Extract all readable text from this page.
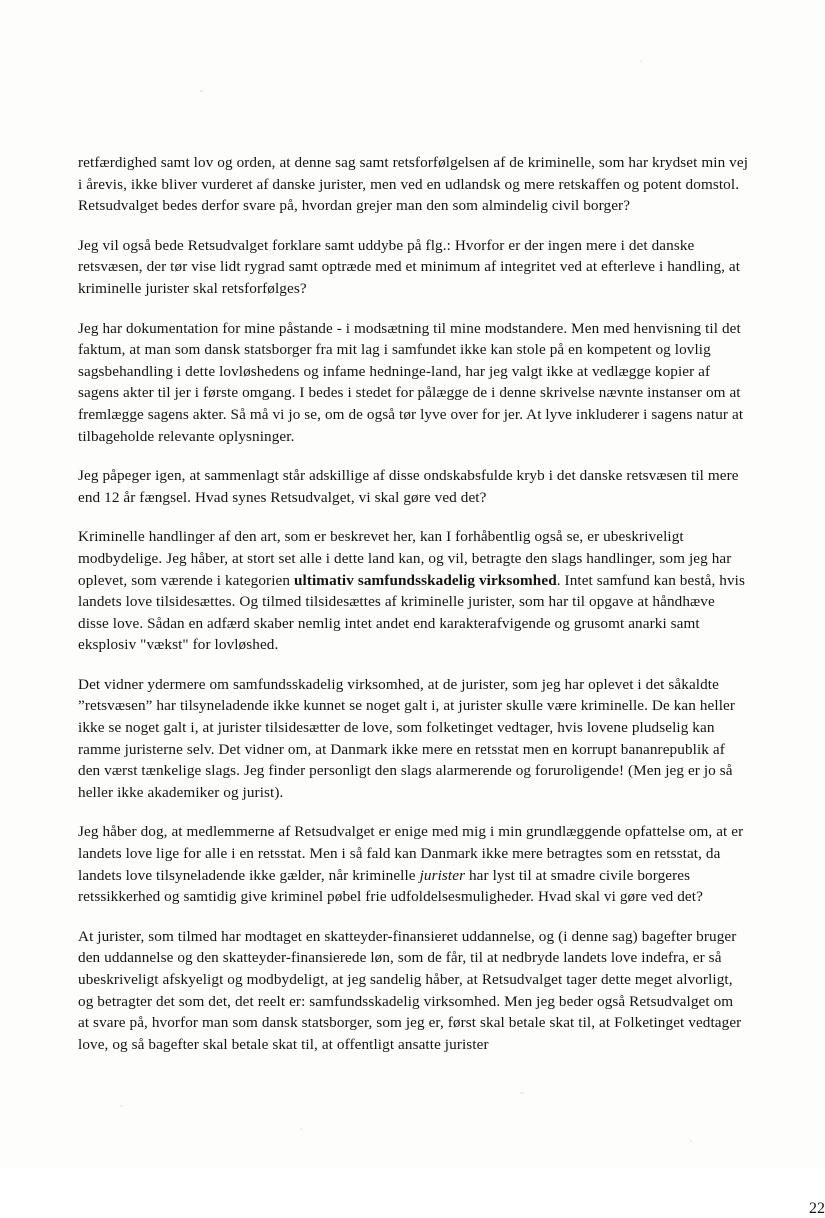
retfærdighed samt lov og orden, at denne sag samt retsforfølgelsen af de kriminelle, som har krydset min vej i årevis, ikke bliver vurderet af danske jurister, men ved en udlandsk og mere retskaffen og potent domstol. Retsudvalget bedes derfor svare på, hvordan grejer man den som almindelig civil borger?

Jeg vil også bede Retsudvalget forklare samt uddybe på flg.: Hvorfor er der ingen mere i det danske retsvæsen, der tør vise lidt rygrad samt optræde med et minimum af integritet ved at efterleve i handling, at kriminelle jurister skal retsforfølges?

Jeg har dokumentation for mine påstande - i modsætning til mine modstandere. Men med henvisning til det faktum, at man som dansk statsborger fra mit lag i samfundet ikke kan stole på en kompetent og lovlig sagsbehandling i dette lovløshedens og infame hedninge-land, har jeg valgt ikke at vedlægge kopier af sagens akter til jer i første omgang. I bedes i stedet for pålægge de i denne skrivelse nævnte instanser om at fremlægge sagens akter. Så må vi jo se, om de også tør lyve over for jer. At lyve inkluderer i sagens natur at tilbageholde relevante oplysninger.

Jeg påpeger igen, at sammenlagt står adskillige af disse ondskabsfulde kryb i det danske retsvæsen til mere end 12 år fængsel. Hvad synes Retsudvalget, vi skal gøre ved det?

Kriminelle handlinger af den art, som er beskrevet her, kan I forhåbentlig også se, er ubeskriveligt modbydelige. Jeg håber, at stort set alle i dette land kan, og vil, betragte den slags handlinger, som jeg har oplevet, som værende i kategorien ultimativ samfundsskadelig virksomhed. Intet samfund kan bestå, hvis landets love tilsidesættes. Og tilmed tilsidesættes af kriminelle jurister, som har til opgave at håndhæve disse love. Sådan en adfærd skaber nemlig intet andet end karakterafvigende og grusomt anarki samt eksplosiv "vækst" for lovløshed.

Det vidner ydermere om samfundsskadelig virksomhed, at de jurister, som jeg har oplevet i det såkaldte ”retsvæsen” har tilsyneladende ikke kunnet se noget galt i, at jurister skulle være kriminelle. De kan heller ikke se noget galt i, at jurister tilsidesætter de love, som folketinget vedtager, hvis lovene pludselig kan ramme juristerne selv. Det vidner om, at Danmark ikke mere en retsstat men en korrupt bananrepublik af den værst tænkelige slags. Jeg finder personligt den slags alarmerende og foruroligende! (Men jeg er jo så heller ikke akademiker og jurist).

Jeg håber dog, at medlemmerne af Retsudvalget er enige med mig i min grundlæggende opfattelse om, at er landets love lige for alle i en retsstat. Men i så fald kan Danmark ikke mere betragtes som en retsstat, da landets love tilsyneladende ikke gælder, når kriminelle jurister har lyst til at smadre civile borgeres retssikkerhed og samtidig give kriminel pøbel frie udfoldelsesmuligheder. Hvad skal vi gøre ved det?

At jurister, som tilmed har modtaget en skatteyder-finansieret uddannelse, og (i denne sag) bagefter bruger den uddannelse og den skatteyder-finansierede løn, som de får, til at nedbryde landets love indefra, er så ubeskriveligt afskyeligt og modbydeligt, at jeg sandelig håber, at Retsudvalget tager dette meget alvorligt, og betragter det som det, det reelt er: samfundsskadelig virksomhed. Men jeg beder også Retsudvalget om at svare på, hvorfor man som dansk statsborger, som jeg er, først skal betale skat til, at Folketinget vedtager love, og så bagefter skal betale skat til, at offentligt ansatte jurister

22
